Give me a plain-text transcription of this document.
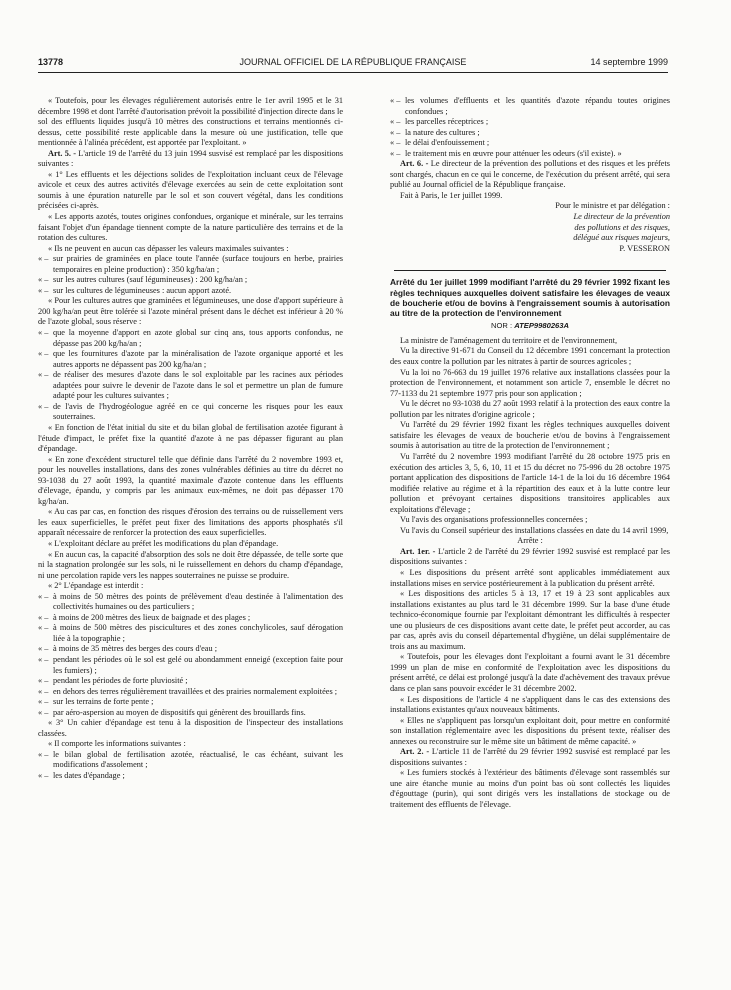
13778	JOURNAL OFFICIEL DE LA RÉPUBLIQUE FRANÇAISE	14 septembre 1999

« Toutefois, pour les élevages régulièrement autorisés entre le 1er avril 1995 et le 31 décembre 1998 et dont l'arrêté d'autorisation prévoit la possibilité d'injection directe dans le sol des effluents liquides jusqu'à 10 mètres des constructions et terrains mentionnés ci-dessus, cette possibilité reste applicable dans la mesure où une justification, telle que mentionnée à l'alinéa précédent, est apportée par l'exploitant. »

Art. 5. - L'article 19 de l'arrêté du 13 juin 1994 susvisé est remplacé par les dispositions suivantes :

« 1° Les effluents et les déjections solides de l'exploitation incluant ceux de l'élevage avicole et ceux des autres activités d'élevage exercées au sein de cette exploitation sont soumis à une épuration naturelle par le sol et son couvert végétal, dans les conditions précisées ci-après.

« Les apports azotés, toutes origines confondues, organique et minérale, sur les terrains faisant l'objet d'un épandage tiennent compte de la nature particulière des terrains et de la rotation des cultures.

« Ils ne peuvent en aucun cas dépasser les valeurs maximales suivantes :

« – sur prairies de graminées en place toute l'année (surface toujours en herbe, prairies temporaires en pleine production) : 350 kg/ha/an ;

« – sur les autres cultures (sauf légumineuses) : 200 kg/ha/an ;

« – sur les cultures de légumineuses : aucun apport azoté.

« Pour les cultures autres que graminées et légumineuses, une dose d'apport supérieure à 200 kg/ha/an peut être tolérée si l'azote minéral présent dans le déchet est inférieur à 20 % de l'azote global, sous réserve :

« – que la moyenne d'apport en azote global sur cinq ans, tous apports confondus, ne dépasse pas 200 kg/ha/an ;

« – que les fournitures d'azote par la minéralisation de l'azote organique apporté et les autres apports ne dépassent pas 200 kg/ha/an ;

« – de réaliser des mesures d'azote dans le sol exploitable par les racines aux périodes adaptées pour suivre le devenir de l'azote dans le sol et permettre un plan de fumure adapté pour les cultures suivantes ;

« – de l'avis de l'hydrogéologue agréé en ce qui concerne les risques pour les eaux souterraines.

« En fonction de l'état initial du site et du bilan global de fertilisation azotée figurant à l'étude d'impact, le préfet fixe la quantité d'azote à ne pas dépasser figurant au plan d'épandage.

« En zone d'excédent structurel telle que définie dans l'arrêté du 2 novembre 1993 et, pour les nouvelles installations, dans des zones vulnérables définies au titre du décret no 93-1038 du 27 août 1993, la quantité maximale d'azote contenue dans les effluents d'élevage, épandu, y compris par les animaux eux-mêmes, ne doit pas dépasser 170 kg/ha/an.

« Au cas par cas, en fonction des risques d'érosion des terrains ou de ruissellement vers les eaux superficielles, le préfet peut fixer des limitations des apports phosphatés s'il apparaît nécessaire de renforcer la protection des eaux superficielles.

« L'exploitant déclare au préfet les modifications du plan d'épandage.

« En aucun cas, la capacité d'absorption des sols ne doit être dépassée, de telle sorte que ni la stagnation prolongée sur les sols, ni le ruissellement en dehors du champ d'épandage, ni une percolation rapide vers les nappes souterraines ne puisse se produire.

« 2° L'épandage est interdit :

« – à moins de 50 mètres des points de prélèvement d'eau destinée à l'alimentation des collectivités humaines ou des particuliers ;

« – à moins de 200 mètres des lieux de baignade et des plages ;

« – à moins de 500 mètres des piscicultures et des zones conchylicoles, sauf dérogation liée à la topographie ;

« – à moins de 35 mètres des berges des cours d'eau ;

« – pendant les périodes où le sol est gelé ou abondamment enneigé (exception faite pour les fumiers) ;

« – pendant les périodes de forte pluviosité ;

« – en dehors des terres régulièrement travaillées et des prairies normalement exploitées ;

« – sur les terrains de forte pente ;

« – par aéro-aspersion au moyen de dispositifs qui génèrent des brouillards fins.

« 3° Un cahier d'épandage est tenu à la disposition de l'inspecteur des installations classées.

« Il comporte les informations suivantes :

« – le bilan global de fertilisation azotée, réactualisé, le cas échéant, suivant les modifications d'assolement ;

« – les dates d'épandage ;

« – les volumes d'effluents et les quantités d'azote répandu toutes origines confondues ;

« – les parcelles réceptrices ;

« – la nature des cultures ;

« – le délai d'enfouissement ;

« – le traitement mis en œuvre pour atténuer les odeurs (s'il existe). »

Art. 6. - Le directeur de la prévention des pollutions et des risques et les préfets sont chargés, chacun en ce qui le concerne, de l'exécution du présent arrêté, qui sera publié au Journal officiel de la République française.

Fait à Paris, le 1er juillet 1999.

Pour le ministre et par délégation :

Le directeur de la prévention

des pollutions et des risques,

délégué aux risques majeurs,

P. VESSERON

Arrêté du 1er juillet 1999 modifiant l'arrêté du 29 février 1992 fixant les règles techniques auxquelles doivent satisfaire les élevages de veaux de boucherie et/ou de bovins à l'engraissement soumis à autorisation au titre de la protection de l'environnement

NOR : ATEP9980263A

La ministre de l'aménagement du territoire et de l'environnement,

Vu la directive 91-671 du Conseil du 12 décembre 1991 concernant la protection des eaux contre la pollution par les nitrates à partir de sources agricoles ;

Vu la loi no 76-663 du 19 juillet 1976 relative aux installations classées pour la protection de l'environnement, et notamment son article 7, ensemble le décret no 77-1133 du 21 septembre 1977 pris pour son application ;

Vu le décret no 93-1038 du 27 août 1993 relatif à la protection des eaux contre la pollution par les nitrates d'origine agricole ;

Vu l'arrêté du 29 février 1992 fixant les règles techniques auxquelles doivent satisfaire les élevages de veaux de boucherie et/ou de bovins à l'engraissement soumis à autorisation au titre de la protection de l'environnement ;

Vu l'arrêté du 2 novembre 1993 modifiant l'arrêté du 28 octobre 1975 pris en exécution des articles 3, 5, 6, 10, 11 et 15 du décret no 75-996 du 28 octobre 1975 portant application des dispositions de l'article 14-1 de la loi du 16 décembre 1964 modifiée relative au régime et à la répartition des eaux et à la lutte contre leur pollution et prévoyant certaines dispositions transitoires applicables aux exploitations d'élevage ;

Vu l'avis des organisations professionnelles concernées ;

Vu l'avis du Conseil supérieur des installations classées en date du 14 avril 1999,

Arrête :

Art. 1er. - L'article 2 de l'arrêté du 29 février 1992 susvisé est remplacé par les dispositions suivantes :

« Les dispositions du présent arrêté sont applicables immédiatement aux installations mises en service postérieurement à la publication du présent arrêté.

« Les dispositions des articles 5 à 13, 17 et 19 à 23 sont applicables aux installations existantes au plus tard le 31 décembre 1999. Sur la base d'une étude technico-économique fournie par l'exploitant démontrant les difficultés à respecter une ou plusieurs de ces dispositions avant cette date, le préfet peut accorder, au cas par cas, après avis du conseil départemental d'hygiène, un délai supplémentaire de trois ans au maximum.

« Toutefois, pour les élevages dont l'exploitant a fourni avant le 31 décembre 1999 un plan de mise en conformité de l'exploitation avec les dispositions du présent arrêté, ce délai est prolongé jusqu'à la date d'achèvement des travaux prévue dans ce plan sans pouvoir excéder le 31 décembre 2002.

« Les dispositions de l'article 4 ne s'appliquent dans le cas des extensions des installations existantes qu'aux nouveaux bâtiments.

« Elles ne s'appliquent pas lorsqu'un exploitant doit, pour mettre en conformité son installation réglementaire avec les dispositions du présent texte, réaliser des annexes ou reconstruire sur le même site un bâtiment de même capacité. »

Art. 2. - L'article 11 de l'arrêté du 29 février 1992 susvisé est remplacé par les dispositions suivantes :

« Les fumiers stockés à l'extérieur des bâtiments d'élevage sont rassemblés sur une aire étanche munie au moins d'un point bas où sont collectés les liquides d'égouttage (purin), qui sont dirigés vers les installations de stockage ou de traitement des effluents de l'élevage.
